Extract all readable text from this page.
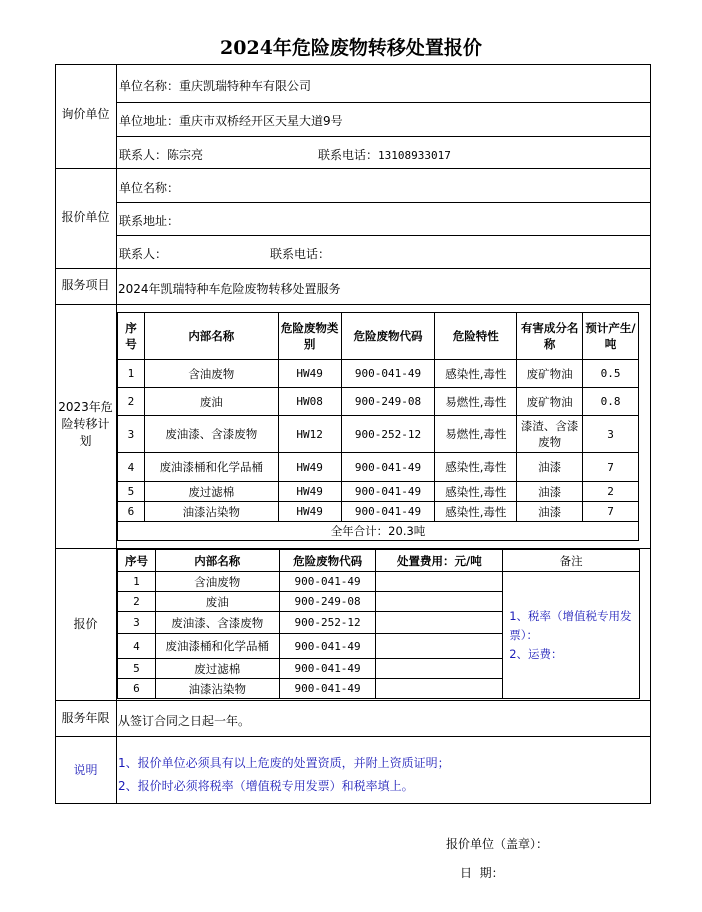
2024年危险废物转移处置报价
询价单位
单位名称：重庆凯瑞特种车有限公司
单位地址：重庆市双桥经开区天星大道9号
联系人：陈宗亮	联系电话：13108933017
报价单位
单位名称：
联系地址：
联系人：	联系电话：
服务项目 2024年凯瑞特种车危险废物转移处置服务
2023年危险转移计划
序号	内部名称	危险废物类别	危险废物代码	危险特性	有害成分名称	预计产生/吨
1	含油废物	HW49	900-041-49	感染性,毒性	废矿物油	0.5
2	废油	HW08	900-249-08	易燃性,毒性	废矿物油	0.8
3	废油漆、含漆废物	HW12	900-252-12	易燃性,毒性	漆渣、含漆废物	3
4	废油漆桶和化学品桶	HW49	900-041-49	感染性,毒性	油漆	7
5	废过滤棉	HW49	900-041-49	感染性,毒性	油漆	2
6	油漆沾染物	HW49	900-041-49	感染性,毒性	油漆	7
全年合计：20.3吨						
报价
序号	内部名称	危险废物代码	处置费用：元/吨	备注
1	含油废物	900-041-49		1、税率（增值税专用发票）：
2、运费：

2	废油	900-249-08		
3	废油漆、含漆废物	900-252-12		
4	废油漆桶和化学品桶	900-041-49		
5	废过滤棉	900-041-49		
6	油漆沾染物	900-041-49		
服务年限 从签订合同之日起一年。
说明	1、报价单位必须具有以上危废的处置资质，并附上资质证明；
2、报价时必须将税率（增值税专用发票）和税率填上。
报价单位（盖章）：
日  期：
